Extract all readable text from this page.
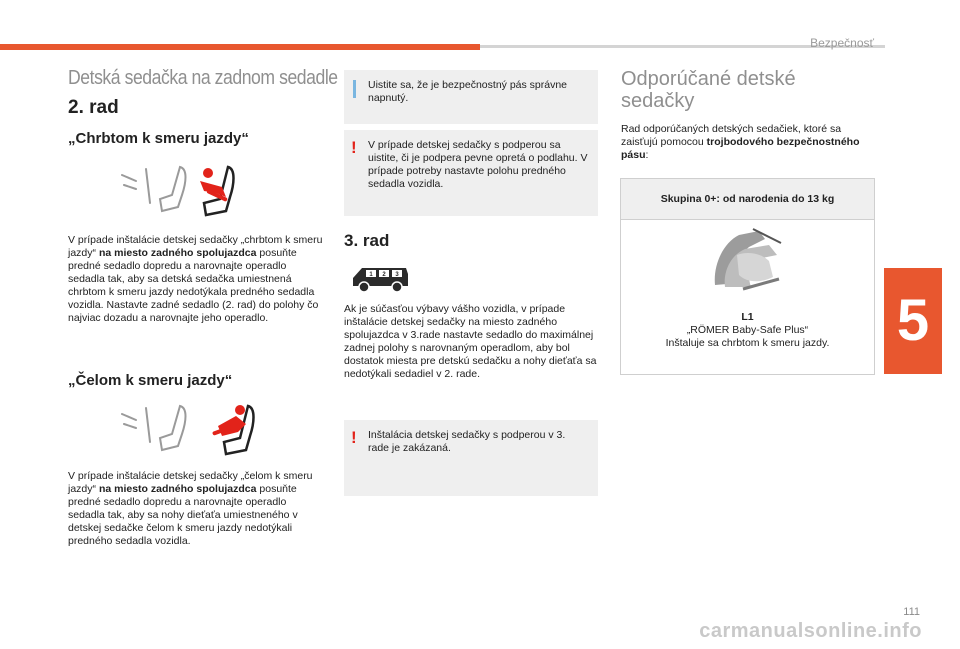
Bezpečnosť
5
111
carmanualsonline.info
Detská sedačka na zadnom sedadle
2. rad
„Chrbtom k smeru jazdy“
V prípade inštalácie detskej sedačky „chrbtom k smeru jazdy“ na miesto zadného spolujazdca posuňte predné sedadlo dopredu a narovnajte operadlo sedadla tak, aby sa detská sedačka umiestnená chrbtom k smeru jazdy nedotýkala predného sedadla vozidla. Nastavte zadné sedadlo (2. rad) do polohy čo najviac dozadu a narovnajte jeho operadlo.
„Čelom k smeru jazdy“
V prípade inštalácie detskej sedačky „čelom k smeru jazdy“ na miesto zadného spolujazdca posuňte predné sedadlo dopredu a narovnajte operadlo sedadla tak, aby sa nohy dieťaťa umiestneného v detskej sedačke čelom k smeru jazdy nedotýkali predného sedadla vozidla.
Uistite sa, že je bezpečnostný pás správne napnutý.
! V prípade detskej sedačky s podperou sa uistite, či je podpera pevne opretá o podlahu. V prípade potreby nastavte polohu predného sedadla vozidla.
3. rad
1 2 3
Ak je súčasťou výbavy vášho vozidla, v prípade inštalácie detskej sedačky na miesto zadného spolujazdca v 3.rade nastavte sedadlo do maximálnej zadnej polohy s narovnaným operadlom, aby bol dostatok miesta pre detskú sedačku a nohy dieťaťa sa nedotýkali sedadiel v 2. rade.
! Inštalácia detskej sedačky s podperou v 3. rade je zakázaná.
Odporúčané detské
sedačky
Rad odporúčaných detských sedačiek, ktoré sa zaisťujú pomocou trojbodového bezpečnostného pásu:
Skupina 0+: od narodenia do 13 kg
L1
„RÖMER Baby-Safe Plus“
Inštaluje sa chrbtom k smeru jazdy.
